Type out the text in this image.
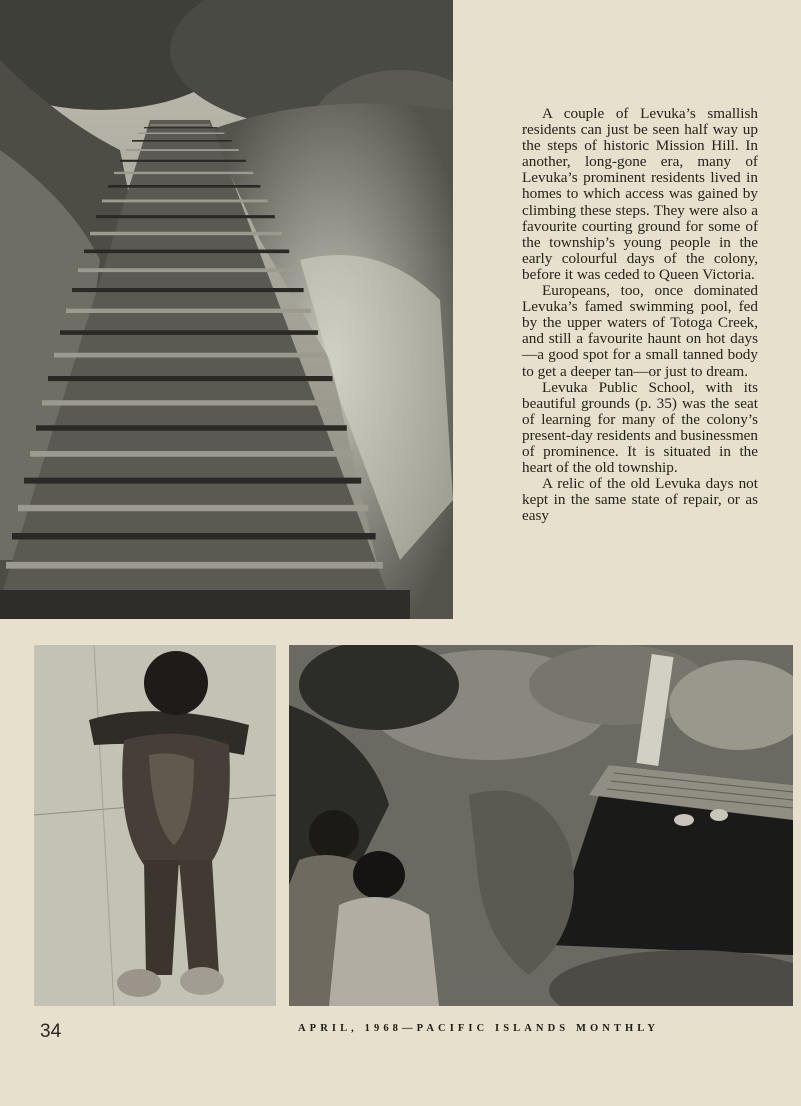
A couple of Levuka’s smallish residents can just be seen half way up the steps of historic Mission Hill. In another, long-gone era, many of Levuka’s prominent residents lived in homes to which access was gained by climbing these steps. They were also a favourite courting ground for some of the township’s young people in the early colourful days of the colony, before it was ceded to Queen Victoria.

Europeans, too, once dominated Levuka’s famed swimming pool, fed by the upper waters of Totoga Creek, and still a favourite haunt on hot days—a good spot for a small tanned body to get a deeper tan—or just to dream.

Levuka Public School, with its beautiful grounds (p. 35) was the seat of learning for many of the colony’s present-day residents and businessmen of prominence. It is situated in the heart of the old township.

A relic of the old Levuka days not kept in the same state of repair, or as easy

34	APRIL, 1968—PACIFIC ISLANDS MONTHLY
